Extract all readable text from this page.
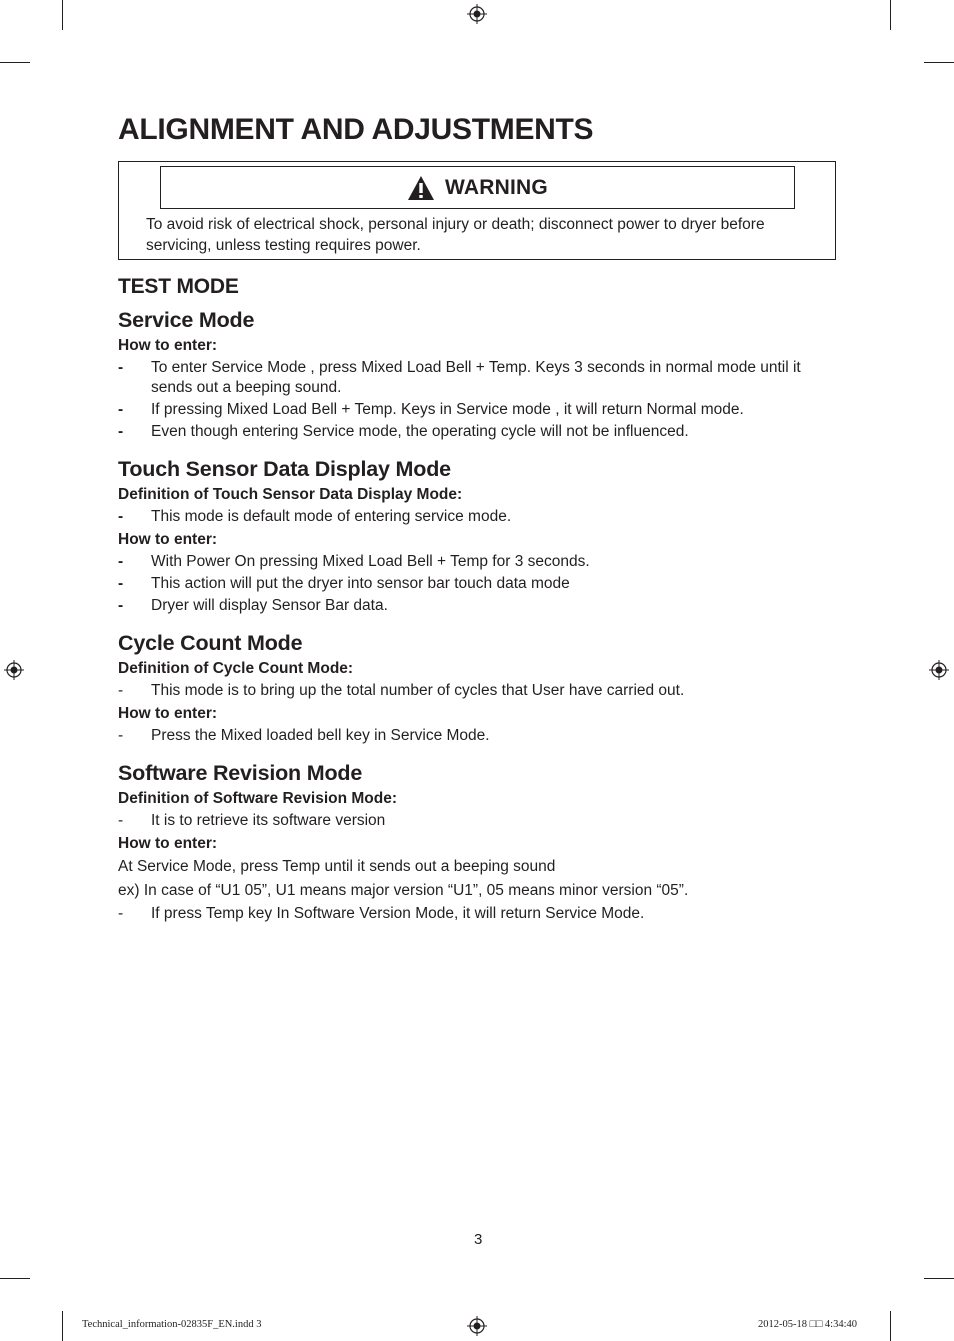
ALIGNMENT AND ADJUSTMENTS
WARNING
To avoid risk of electrical shock, personal injury or death; disconnect power to dryer before servicing, unless testing requires power.
TEST MODE
Service Mode
How to enter:
-	To enter Service Mode , press Mixed Load Bell + Temp. Keys 3 seconds in normal mode until it sends out a beeping sound.
-	If pressing Mixed Load Bell + Temp. Keys in Service mode , it will return Normal mode.
-	Even though entering Service mode, the operating cycle will not be influenced.
Touch Sensor Data Display Mode
Definition of Touch Sensor Data Display Mode:
-	This mode is default mode of entering service mode.
How to enter:
-	With Power On pressing Mixed Load Bell + Temp for 3 seconds.
-	This action will put the dryer into sensor bar touch data mode
-	Dryer will display Sensor Bar data.
Cycle Count Mode
Definition of Cycle Count Mode:
-	This mode is to bring up the total number of cycles that User have carried out.
How to enter:
-	Press the Mixed loaded bell key in Service Mode.
Software Revision Mode
Definition of Software Revision Mode:
-	It is to retrieve its software version
How to enter:
At Service Mode, press Temp until it sends out a beeping sound
ex) In case of “U1 05”, U1 means major version “U1”, 05 means minor version “05”.
-	If press Temp key In Software Version Mode, it will return Service Mode.
3
Technical_information-02835F_EN.indd 3	2012-05-18 □□ 4:34:40
